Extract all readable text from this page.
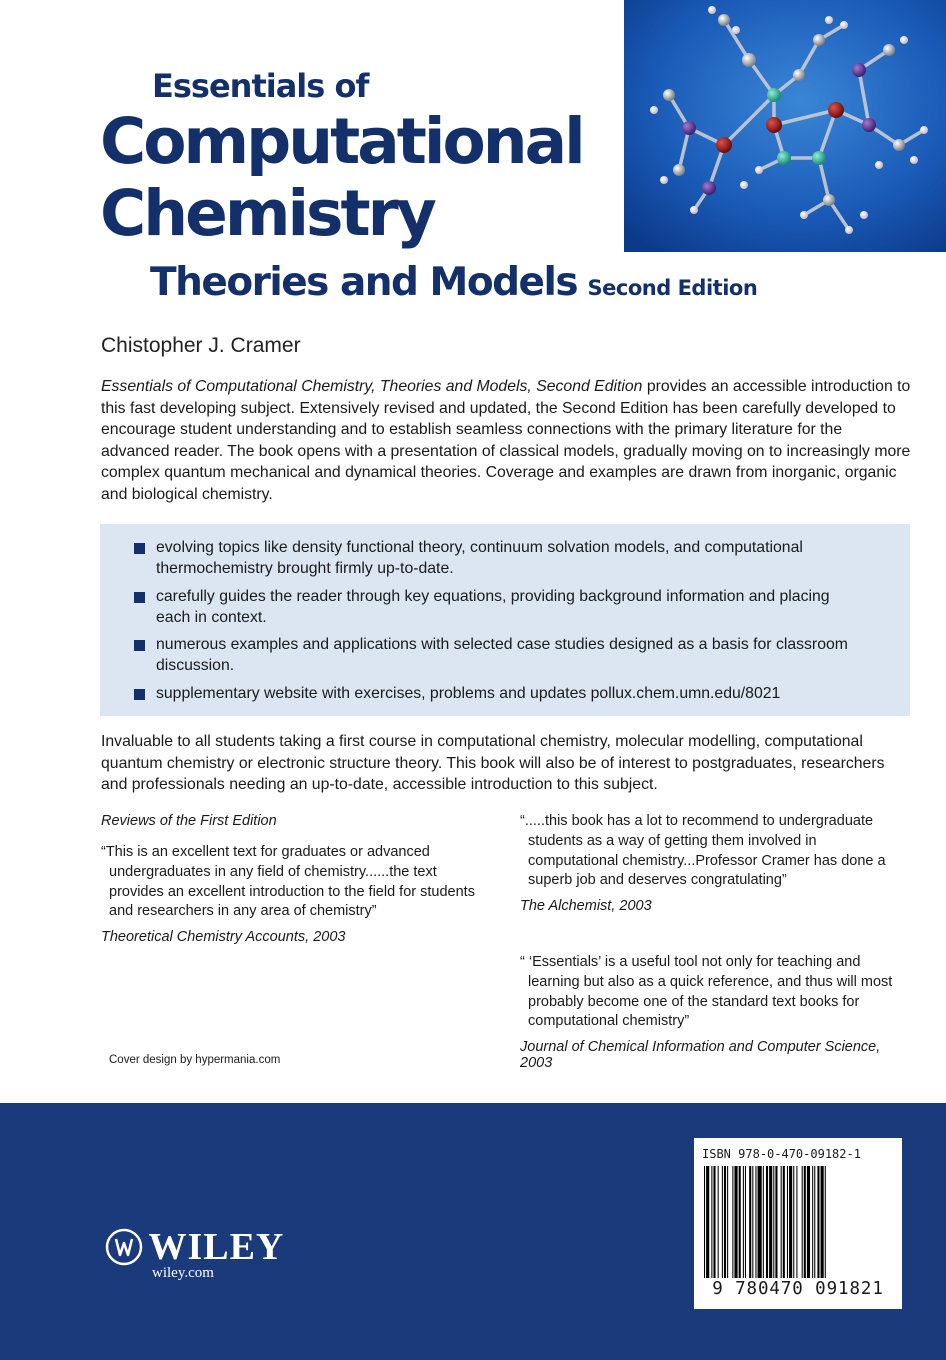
Essentials of
Computational
Chemistry
Theories and Models Second Edition
Chistopher J. Cramer
Essentials of Computational Chemistry, Theories and Models, Second Edition provides an accessible introduction to this fast developing subject. Extensively revised and updated, the Second Edition has been carefully developed to encourage student understanding and to establish seamless connections with the primary literature for the advanced reader. The book opens with a presentation of classical models, gradually moving on to increasingly more complex quantum mechanical and dynamical theories. Coverage and examples are drawn from inorganic, organic and biological chemistry.
evolving topics like density functional theory, continuum solvation models, and computational thermochemistry brought firmly up-to-date.
carefully guides the reader through key equations, providing background information and placing each in context.
numerous examples and applications with selected case studies designed as a basis for classroom discussion.
supplementary website with exercises, problems and updates pollux.chem.umn.edu/8021
Invaluable to all students taking a first course in computational chemistry, molecular modelling, computational quantum chemistry or electronic structure theory. This book will also be of interest to postgraduates, researchers and professionals needing an up-to-date, accessible introduction to this subject.
Reviews of the First Edition
“This is an excellent text for graduates or advanced undergraduates in any field of chemistry......the text provides an excellent introduction to the field for students and researchers in any area of chemistry”
Theoretical Chemistry Accounts, 2003
“.....this book has a lot to recommend to undergraduate students as a way of getting them involved in computational chemistry...Professor Cramer has done a superb job and deserves congratulating”
The Alchemist, 2003
“ ‘Essentials’ is a useful tool not only for teaching and learning but also as a quick reference, and thus will most probably become one of the standard text books for computational chemistry”
Journal of Chemical Information and Computer Science, 2003
Cover design by hypermania.com
WILEY
wiley.com
ISBN 978-0-470-09182-1
9 780470 091821
